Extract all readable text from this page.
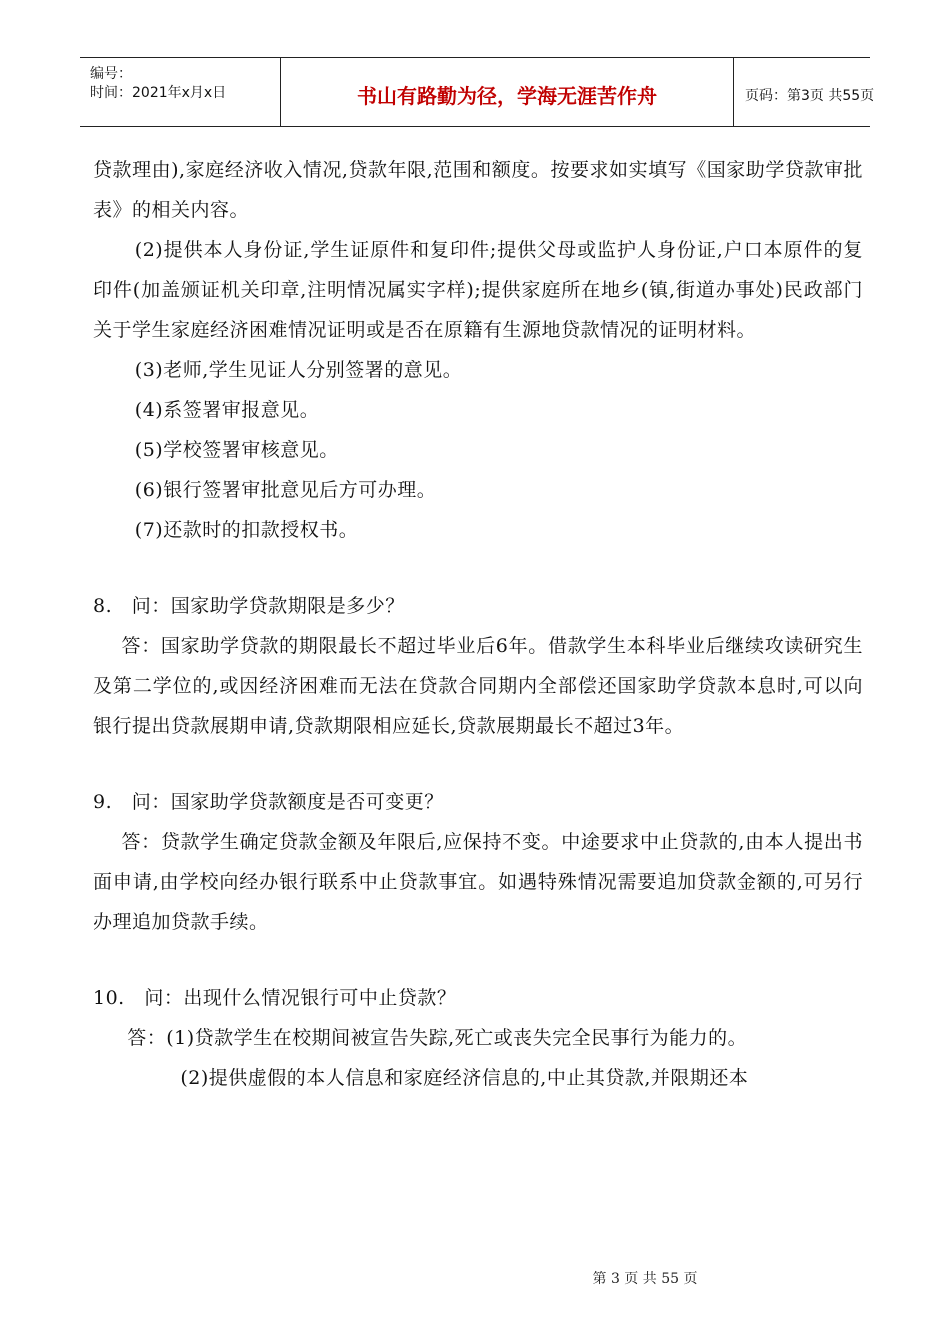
编号：
时间：2021年x月x日	书山有路勤为径，学海无涯苦作舟	页码：第3页 共55页

贷款理由),家庭经济收入情况,贷款年限,范围和额度。按要求如实填写《国家助学贷款审批表》的相关内容。

(2)提供本人身份证,学生证原件和复印件;提供父母或监护人身份证,户口本原件的复印件(加盖颁证机关印章,注明情况属实字样);提供家庭所在地乡(镇,街道办事处)民政部门关于学生家庭经济困难情况证明或是否在原籍有生源地贷款情况的证明材料。

(3)老师,学生见证人分别签署的意见。

(4)系签署审报意见。

(5)学校签署审核意见。

(6)银行签署审批意见后方可办理。

(7)还款时的扣款授权书。

8.   问：国家助学贷款期限是多少？

答：国家助学贷款的期限最长不超过毕业后6年。借款学生本科毕业后继续攻读研究生及第二学位的,或因经济困难而无法在贷款合同期内全部偿还国家助学贷款本息时,可以向银行提出贷款展期申请,贷款期限相应延长,贷款展期最长不超过3年。

9.   问：国家助学贷款额度是否可变更？

答：贷款学生确定贷款金额及年限后,应保持不变。中途要求中止贷款的,由本人提出书面申请,由学校向经办银行联系中止贷款事宜。如遇特殊情况需要追加贷款金额的,可另行办理追加贷款手续。

10.   问：出现什么情况银行可中止贷款？

答：(1)贷款学生在校期间被宣告失踪,死亡或丧失完全民事行为能力的。

(2)提供虚假的本人信息和家庭经济信息的,中止其贷款,并限期还本

第 3 页 共 55 页
